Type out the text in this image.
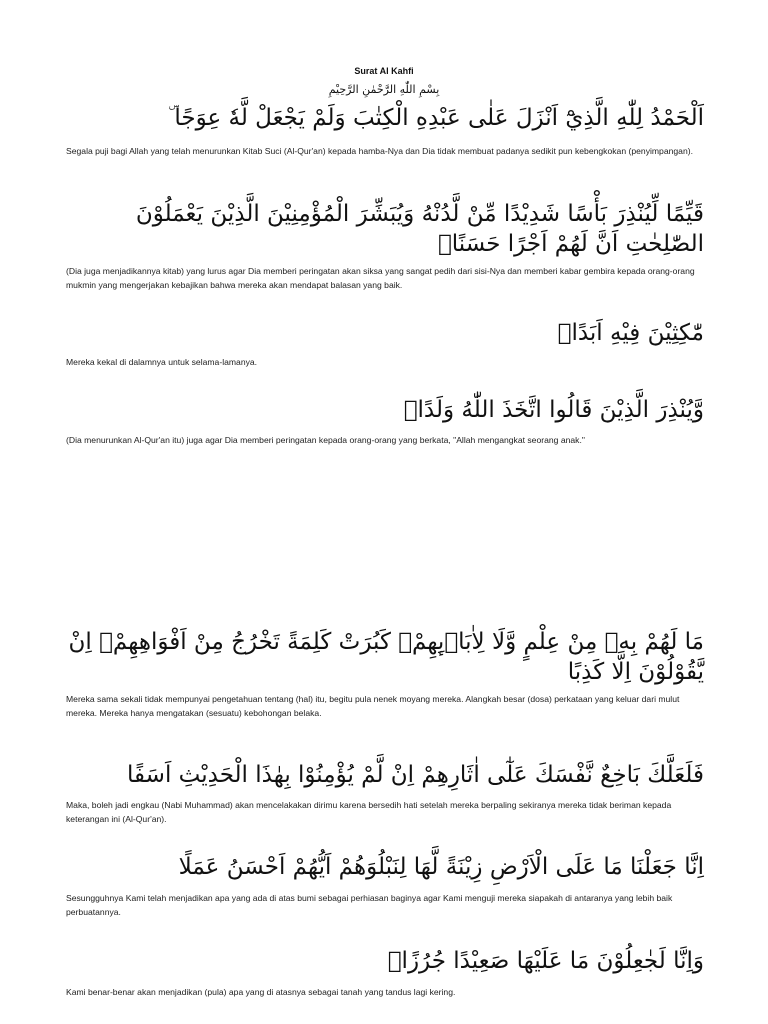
Surat Al Kahfi
بِسْمِ اللّٰهِ الرَّحْمٰنِ الرَّحِيْمِ
اَلْحَمْدُ لِلّٰهِ الَّذِيْٓ اَنْزَلَ عَلٰى عَبْدِهِ الْكِتٰبَ وَلَمْ يَجْعَلْ لَّهٗ عِوَجًا ۜ
Segala puji bagi Allah yang telah menurunkan Kitab Suci (Al-Qur'an) kepada hamba-Nya dan Dia tidak membuat padanya sedikit pun kebengkokan (penyimpangan).
قَيِّمًا لِّيُنْذِرَ بَأْسًا شَدِيْدًا مِّنْ لَّدُنْهُ وَيُبَشِّرَ الْمُؤْمِنِيْنَ الَّذِيْنَ يَعْمَلُوْنَ الصّٰلِحٰتِ اَنَّ لَهُمْ اَجْرًا حَسَنًاۙ
(Dia juga menjadikannya kitab) yang lurus agar Dia memberi peringatan akan siksa yang sangat pedih dari sisi-Nya dan memberi kabar gembira kepada orang-orang mukmin yang mengerjakan kebajikan bahwa mereka akan mendapat balasan yang baik.
مّٰكِثِيْنَ فِيْهِ اَبَدًاۙ
Mereka kekal di dalamnya untuk selama-lamanya.
وَّيُنْذِرَ الَّذِيْنَ قَالُوا اتَّخَذَ اللّٰهُ وَلَدًاۖ
(Dia menurunkan Al-Qur'an itu) juga agar Dia memberi peringatan kepada orang-orang yang berkata, "Allah mengangkat seorang anak."
مَا لَهُمْ بِهٖ مِنْ عِلْمٍ وَّلَا لِاٰبَاۤىِٕهِمْۗ كَبُرَتْ كَلِمَةً تَخْرُجُ مِنْ اَفْوَاهِهِمْۗ اِنْ يَّقُوْلُوْنَ اِلَّا كَذِبًا
Mereka sama sekali tidak mempunyai pengetahuan tentang (hal) itu, begitu pula nenek moyang mereka. Alangkah besar (dosa) perkataan yang keluar dari mulut mereka. Mereka hanya mengatakan (sesuatu) kebohongan belaka.
فَلَعَلَّكَ بَاخِعٌ نَّفْسَكَ عَلٰٓى اٰثَارِهِمْ اِنْ لَّمْ يُؤْمِنُوْا بِهٰذَا الْحَدِيْثِ اَسَفًا
Maka, boleh jadi engkau (Nabi Muhammad) akan mencelakakan dirimu karena bersedih hati setelah mereka berpaling sekiranya mereka tidak beriman kepada keterangan ini (Al-Qur'an).
اِنَّا جَعَلْنَا مَا عَلَى الْاَرْضِ زِيْنَةً لَّهَا لِنَبْلُوَهُمْ اَيُّهُمْ اَحْسَنُ عَمَلًا
Sesungguhnya Kami telah menjadikan apa yang ada di atas bumi sebagai perhiasan baginya agar Kami menguji mereka siapakah di antaranya yang lebih baik perbuatannya.
وَاِنَّا لَجٰعِلُوْنَ مَا عَلَيْهَا صَعِيْدًا جُرُزًاۗ
Kami benar-benar akan menjadikan (pula) apa yang di atasnya sebagai tanah yang tandus lagi kering.
